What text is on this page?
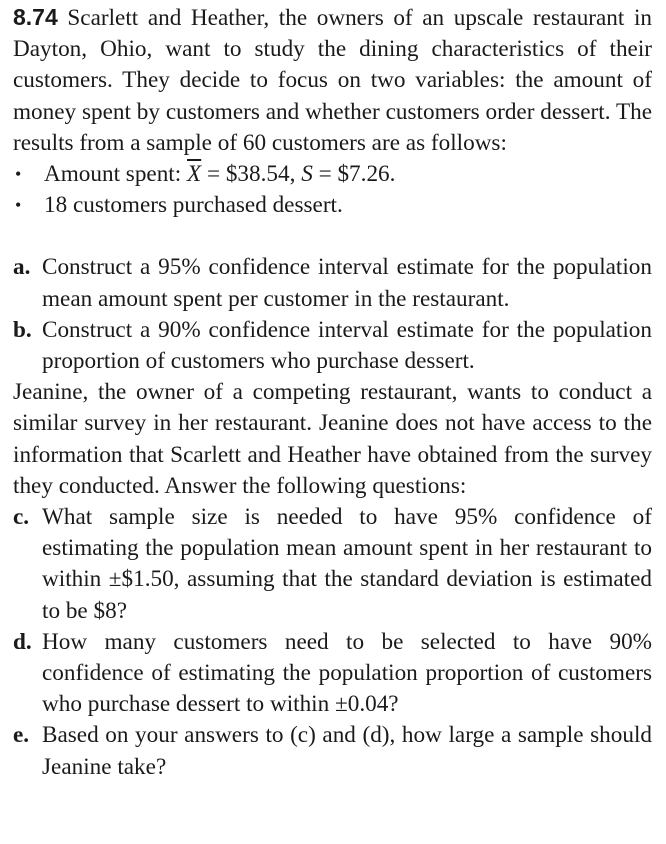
8.74 Scarlett and Heather, the owners of an upscale restaurant in Dayton, Ohio, want to study the dining characteristics of their customers. They decide to focus on two variables: the amount of money spent by customers and whether customers order dessert. The results from a sample of 60 customers are as follows:

• Amount spent: $\overline{X}$ = $38.54, S = $7.26.
• 18 customers purchased dessert.
a. Construct a 95% confidence interval estimate for the population mean amount spent per customer in the restaurant.
b. Construct a 90% confidence interval estimate for the population proportion of customers who purchase dessert.

Jeanine, the owner of a competing restaurant, wants to conduct a similar survey in her restaurant. Jeanine does not have access to the information that Scarlett and Heather have obtained from the survey they conducted. Answer the following questions:

c. What sample size is needed to have 95% confidence of estimating the population mean amount spent in her restaurant to within ±$1.50, assuming that the standard deviation is estimated to be $8?
d. How many customers need to be selected to have 90% confidence of estimating the population proportion of customers who purchase dessert to within ±0.04?
e. Based on your answers to (c) and (d), how large a sample should Jeanine take?
